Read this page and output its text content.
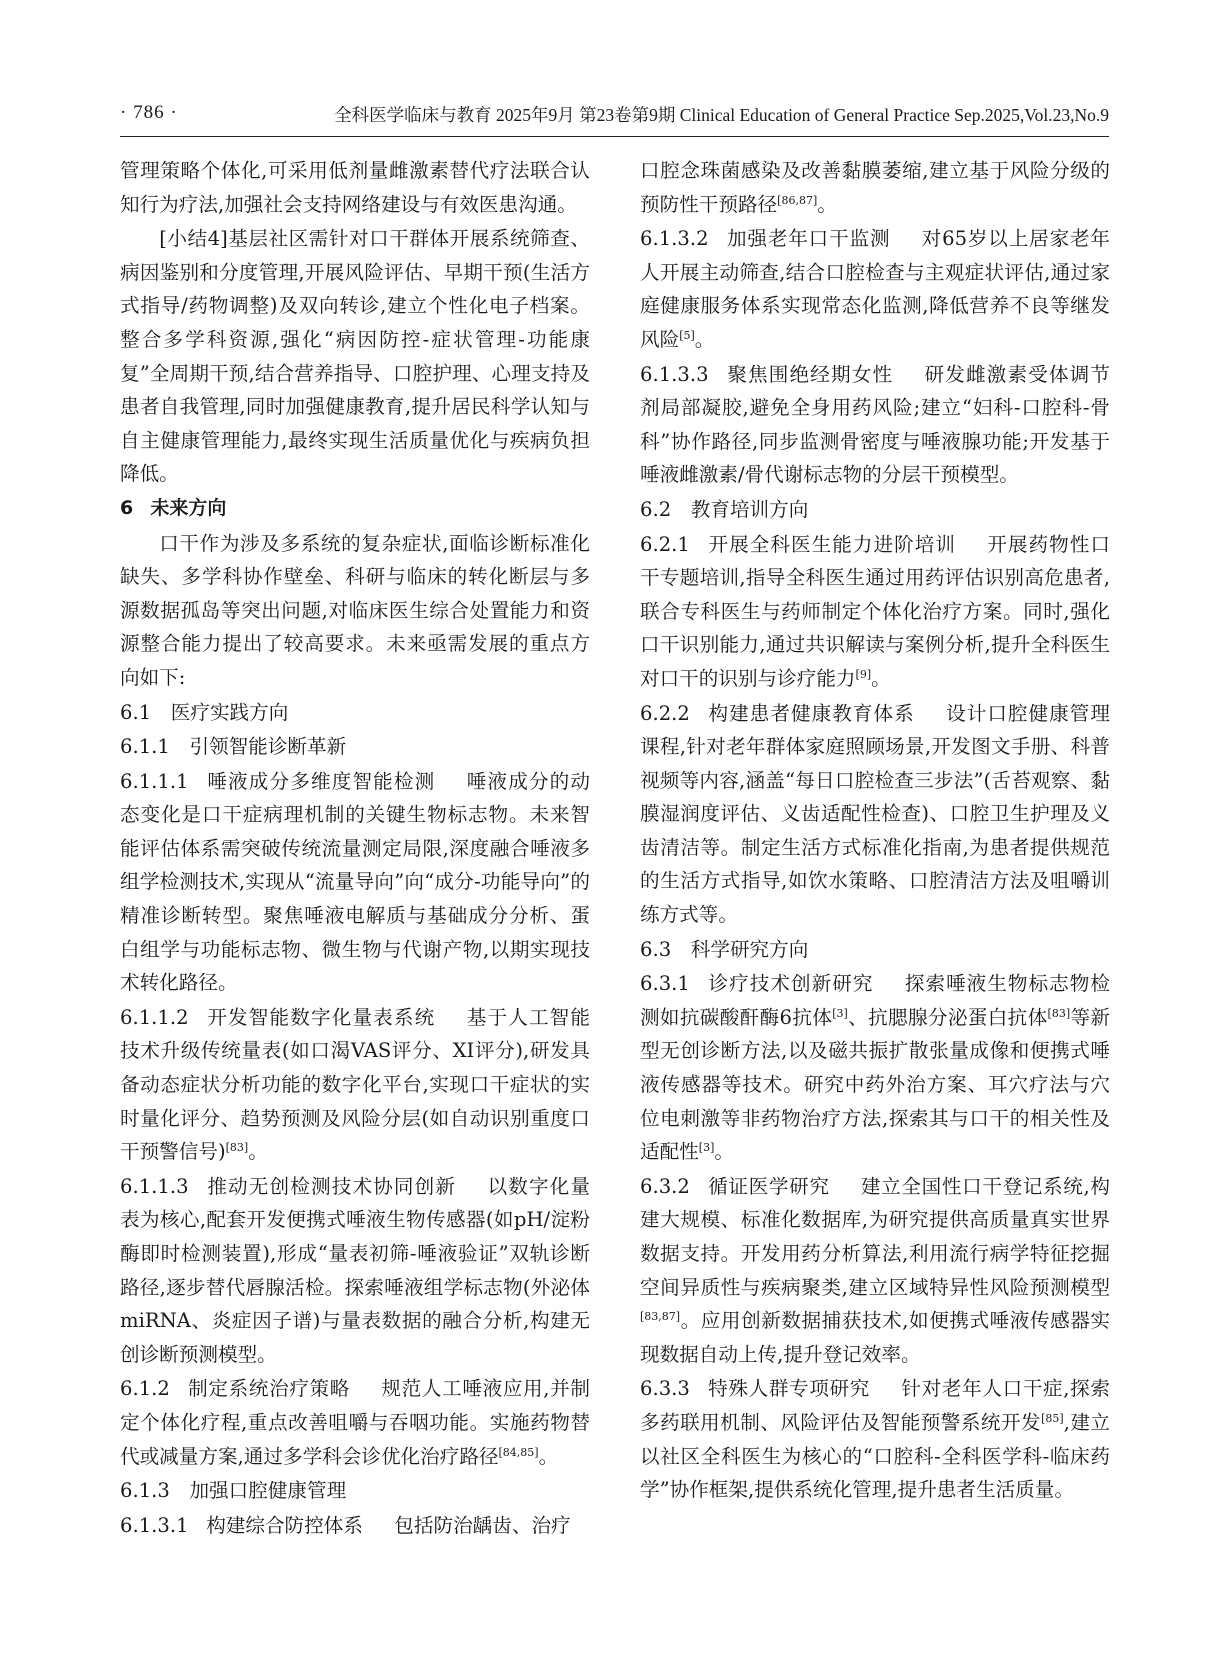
· 786 ·	全科医学临床与教育 2025年9月 第23卷第9期 Clinical Education of General Practice Sep.2025,Vol.23,No.9

管理策略个体化,可采用低剂量雌激素替代疗法联合认知行为疗法,加强社会支持网络建设与有效医患沟通。

[小结4]基层社区需针对口干群体开展系统筛查、病因鉴别和分度管理,开展风险评估、早期干预(生活方式指导/药物调整)及双向转诊,建立个性化电子档案。整合多学科资源,强化“病因防控-症状管理-功能康复”全周期干预,结合营养指导、口腔护理、心理支持及患者自我管理,同时加强健康教育,提升居民科学认知与自主健康管理能力,最终实现生活质量优化与疾病负担降低。

6 未来方向

口干作为涉及多系统的复杂症状,面临诊断标准化缺失、多学科协作壁垒、科研与临床的转化断层与多源数据孤岛等突出问题,对临床医生综合处置能力和资源整合能力提出了较高要求。未来亟需发展的重点方向如下:

6.1　医疗实践方向

6.1.1　引领智能诊断革新

6.1.1.1 唾液成分多维度智能检测 唾液成分的动态变化是口干症病理机制的关键生物标志物。未来智能评估体系需突破传统流量测定局限,深度融合唾液多组学检测技术,实现从“流量导向”向“成分-功能导向”的精准诊断转型。聚焦唾液电解质与基础成分分析、蛋白组学与功能标志物、微生物与代谢产物,以期实现技术转化路径。

6.1.1.2 开发智能数字化量表系统 基于人工智能技术升级传统量表(如口渴VAS评分、XI评分),研发具备动态症状分析功能的数字化平台,实现口干症状的实时量化评分、趋势预测及风险分层(如自动识别重度口干预警信号)[83]。

6.1.1.3 推动无创检测技术协同创新 以数字化量表为核心,配套开发便携式唾液生物传感器(如pH/淀粉酶即时检测装置),形成“量表初筛-唾液验证”双轨诊断路径,逐步替代唇腺活检。探索唾液组学标志物(外泌体miRNA、炎症因子谱)与量表数据的融合分析,构建无创诊断预测模型。

6.1.2 制定系统治疗策略 规范人工唾液应用,并制定个体化疗程,重点改善咀嚼与吞咽功能。实施药物替代或减量方案,通过多学科会诊优化治疗路径[84,85]。

6.1.3　加强口腔健康管理

6.1.3.1 构建综合防控体系 包括防治龋齿、治疗

口腔念珠菌感染及改善黏膜萎缩,建立基于风险分级的预防性干预路径[86,87]。

6.1.3.2 加强老年口干监测 对65岁以上居家老年人开展主动筛查,结合口腔检查与主观症状评估,通过家庭健康服务体系实现常态化监测,降低营养不良等继发风险[5]。

6.1.3.3 聚焦围绝经期女性 研发雌激素受体调节剂局部凝胶,避免全身用药风险;建立“妇科-口腔科-骨科”协作路径,同步监测骨密度与唾液腺功能;开发基于唾液雌激素/骨代谢标志物的分层干预模型。

6.2　教育培训方向

6.2.1 开展全科医生能力进阶培训 开展药物性口干专题培训,指导全科医生通过用药评估识别高危患者,联合专科医生与药师制定个体化治疗方案。同时,强化口干识别能力,通过共识解读与案例分析,提升全科医生对口干的识别与诊疗能力[9]。

6.2.2 构建患者健康教育体系 设计口腔健康管理课程,针对老年群体家庭照顾场景,开发图文手册、科普视频等内容,涵盖“每日口腔检查三步法”(舌苔观察、黏膜湿润度评估、义齿适配性检查)、口腔卫生护理及义齿清洁等。制定生活方式标准化指南,为患者提供规范的生活方式指导,如饮水策略、口腔清洁方法及咀嚼训练方式等。

6.3　科学研究方向

6.3.1 诊疗技术创新研究 探索唾液生物标志物检测如抗碳酸酐酶6抗体[3]、抗腮腺分泌蛋白抗体[83]等新型无创诊断方法,以及磁共振扩散张量成像和便携式唾液传感器等技术。研究中药外治方案、耳穴疗法与穴位电刺激等非药物治疗方法,探索其与口干的相关性及适配性[3]。

6.3.2 循证医学研究 建立全国性口干登记系统,构建大规模、标准化数据库,为研究提供高质量真实世界数据支持。开发用药分析算法,利用流行病学特征挖掘空间异质性与疾病聚类,建立区域特异性风险预测模型[83,87]。应用创新数据捕获技术,如便携式唾液传感器实现数据自动上传,提升登记效率。

6.3.3 特殊人群专项研究 针对老年人口干症,探索多药联用机制、风险评估及智能预警系统开发[85],建立以社区全科医生为核心的“口腔科-全科医学科-临床药学”协作框架,提供系统化管理,提升患者生活质量。
